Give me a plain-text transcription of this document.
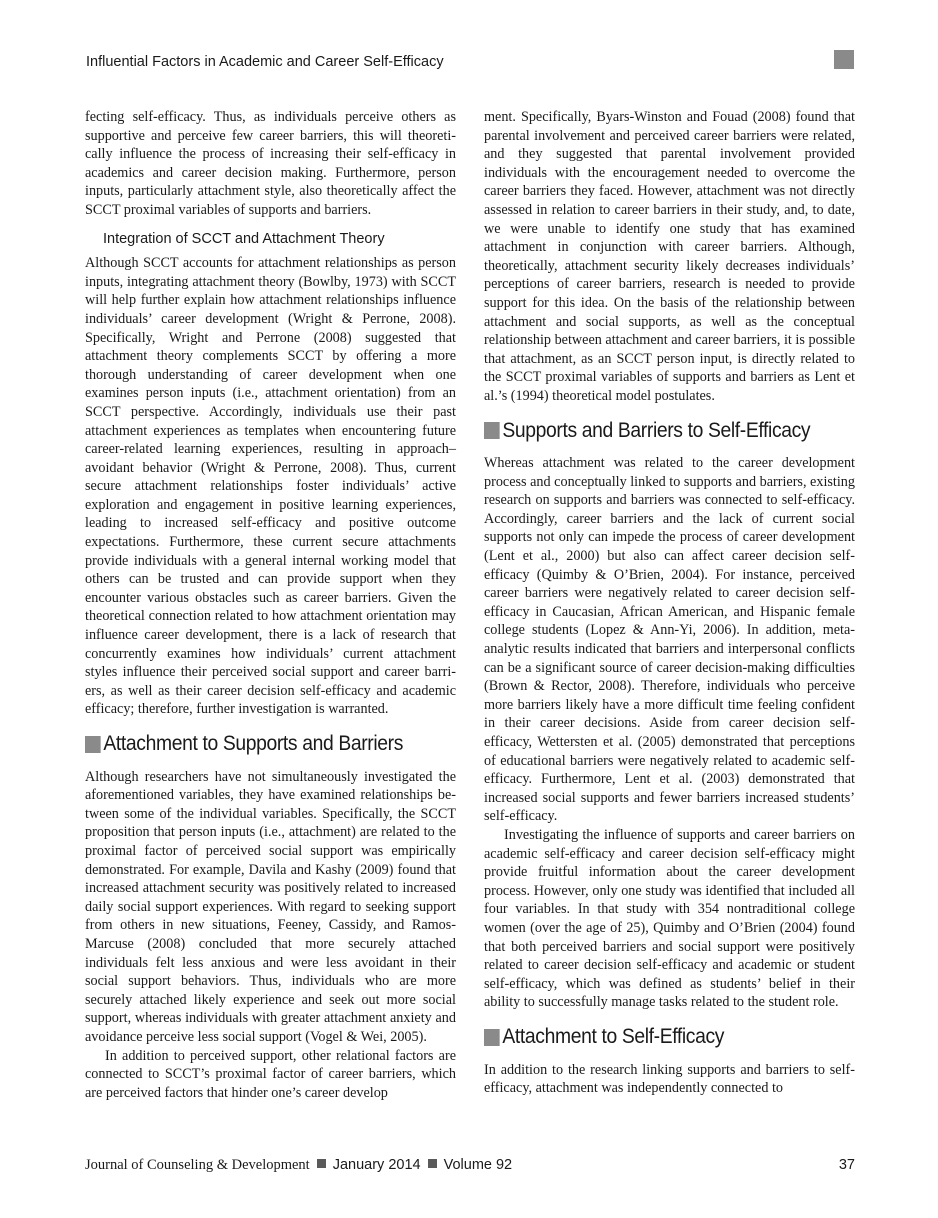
Influential Factors in Academic and Career Self-Efficacy

fecting self-efficacy. Thus, as individuals perceive others as supportive and perceive few career barriers, this will theoretically influence the process of increasing their self-efficacy in academics and career decision making. Furthermore, person inputs, particularly attachment style, also theoretically affect the SCCT proximal variables of supports and barriers.

Integration of SCCT and Attachment Theory

Although SCCT accounts for attachment relationships as person inputs, integrating attachment theory (Bowlby, 1973) with SCCT will help further explain how attachment relationships influence individuals’ career development (Wright & Perrone, 2008). Specifically, Wright and Perrone (2008) suggested that attachment theory complements SCCT by offering a more thorough understanding of career development when one examines person inputs (i.e., attachment orientation) from an SCCT perspective. Accordingly, individuals use their past attachment experiences as templates when encountering future career-related learning experiences, resulting in approach–avoidant behavior (Wright & Perrone, 2008). Thus, current secure attachment relationships foster individuals’ active exploration and engagement in positive learning experiences, leading to increased self-efficacy and positive outcome expectations. Furthermore, these current secure attachments provide individuals with a general internal working model that others can be trusted and can provide support when they encounter various obstacles such as career barriers. Given the theoretical connection related to how attachment orientation may influence career development, there is a lack of research that concurrently examines how individuals’ current attachment styles influence their perceived social support and career barriers, as well as their career decision self-efficacy and academic efficacy; therefore, further investigation is warranted.

Attachment to Supports and Barriers

Although researchers have not simultaneously investigated the aforementioned variables, they have examined relationships between some of the individual variables. Specifically, the SCCT proposition that person inputs (i.e., attachment) are related to the proximal factor of perceived social support was empirically demonstrated. For example, Davila and Kashy (2009) found that increased attachment security was positively related to increased daily social support experiences. With regard to seeking support from others in new situations, Feeney, Cassidy, and Ramos-Marcuse (2008) concluded that more securely attached individuals felt less anxious and were less avoidant in their social support behaviors. Thus, individuals who are more securely attached likely experience and seek out more social support, whereas individuals with greater attachment anxiety and avoidance perceive less social support (Vogel & Wei, 2005).

In addition to perceived support, other relational factors are connected to SCCT’s proximal factor of career barriers, which are perceived factors that hinder one’s career develop

ment. Specifically, Byars-Winston and Fouad (2008) found that parental involvement and perceived career barriers were related, and they suggested that parental involvement provided individuals with the encouragement needed to overcome the career barriers they faced. However, attachment was not directly assessed in relation to career barriers in their study, and, to date, we were unable to identify one study that has examined attachment in conjunction with career barriers. Although, theoretically, attachment security likely decreases individuals’ perceptions of career barriers, research is needed to provide support for this idea. On the basis of the relationship between attachment and social supports, as well as the conceptual relationship between attachment and career barriers, it is possible that attachment, as an SCCT person input, is directly related to the SCCT proximal variables of supports and barriers as Lent et al.’s (1994) theoretical model postulates.

Supports and Barriers to Self-Efficacy

Whereas attachment was related to the career development process and conceptually linked to supports and barriers, existing research on supports and barriers was connected to self-efficacy. Accordingly, career barriers and the lack of current social supports not only can impede the process of career development (Lent et al., 2000) but also can affect career decision self-efficacy (Quimby & O’Brien, 2004). For instance, perceived career barriers were negatively related to career decision self-efficacy in Caucasian, African American, and Hispanic female college students (Lopez & Ann-Yi, 2006). In addition, meta-analytic results indicated that barriers and interpersonal conflicts can be a significant source of career decision-making difficulties (Brown & Rector, 2008). Therefore, individuals who perceive more barriers likely have a more difficult time feeling confident in their career decisions. Aside from career decision self-efficacy, Wettersten et al. (2005) demonstrated that perceptions of educational barriers were negatively related to academic self-efficacy. Furthermore, Lent et al. (2003) demonstrated that increased social supports and fewer barriers increased students’ self-efficacy.

Investigating the influence of supports and career barriers on academic self-efficacy and career decision self-efficacy might provide fruitful information about the career development process. However, only one study was identified that included all four variables. In that study with 354 nontraditional college women (over the age of 25), Quimby and O’Brien (2004) found that both perceived barriers and social support were positively related to career decision self-efficacy and academic or student self-efficacy, which was defined as students’ belief in their ability to successfully manage tasks related to the student role.

Attachment to Self-Efficacy

In addition to the research linking supports and barriers to self-efficacy, attachment was independently connected to

Journal of Counseling & Development January 2014 Volume 92	37
